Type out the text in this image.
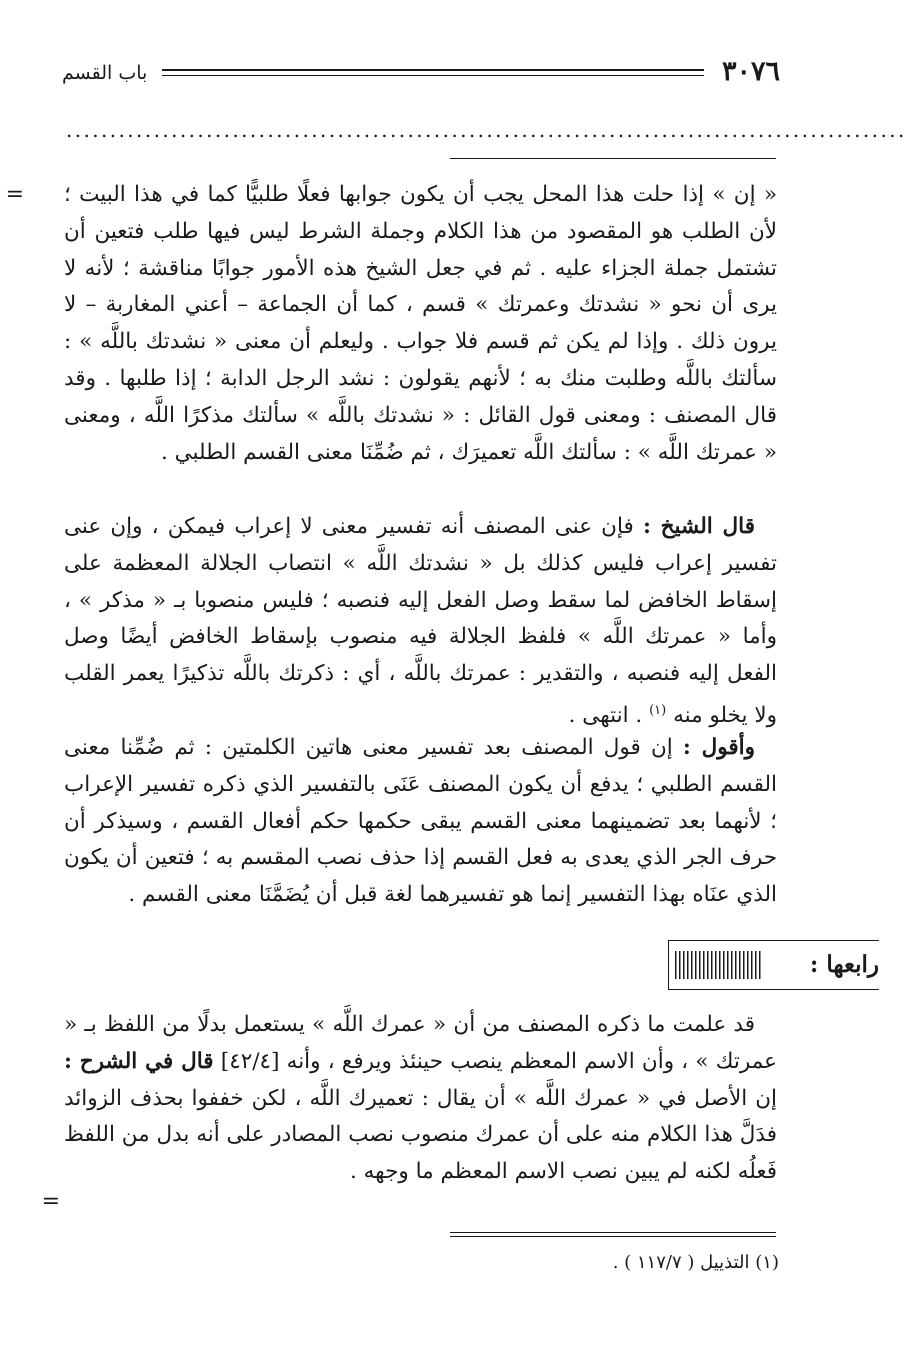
٣٠٧٦
باب القسم
................................................................................................
= « إن » إذا حلت هذا المحل يجب أن يكون جوابها فعلًا طلبيًّا كما في هذا البيت ؛ لأن الطلب هو المقصود من هذا الكلام وجملة الشرط ليس فيها طلب فتعين أن تشتمل جملة الجزاء عليه . ثم في جعل الشيخ هذه الأمور جوابًا مناقشة ؛ لأنه لا يرى أن نحو « نشدتك وعمرتك » قسم ، كما أن الجماعة – أعني المغاربة – لا يرون ذلك . وإذا لم يكن ثم قسم فلا جواب . وليعلم أن معنى « نشدتك باللَّه » : سألتك باللَّه وطلبت منك به ؛ لأنهم يقولون : نشد الرجل الدابة ؛ إذا طلبها . وقد قال المصنف : ومعنى قول القائل : « نشدتك باللَّه » سألتك مذكرًا اللَّه ، ومعنى « عمرتك اللَّه » : سألتك اللَّه تعميرَك ، ثم ضُمِّنَا معنى القسم الطلبي .

قال الشيخ : فإن عنى المصنف أنه تفسير معنى لا إعراب فيمكن ، وإن عنى تفسير إعراب فليس كذلك بل « نشدتك اللَّه » انتصاب الجلالة المعظمة على إسقاط الخافض لما سقط وصل الفعل إليه فنصبه ؛ فليس منصوبا بـ « مذكر » ، وأما « عمرتك اللَّه » فلفظ الجلالة فيه منصوب بإسقاط الخافض أيضًا وصل الفعل إليه فنصبه ، والتقدير : عمرتك باللَّه ، أي : ذكرتك باللَّه تذكيرًا يعمر القلب ولا يخلو منه $^{(١)}$ . انتهى .

وأقول : إن قول المصنف بعد تفسير معنى هاتين الكلمتين : ثم ضُمِّنا معنى القسم الطلبي ؛ يدفع أن يكون المصنف عَنَى بالتفسير الذي ذكره تفسير الإعراب ؛ لأنهما بعد تضمينهما معنى القسم يبقى حكمها حكم أفعال القسم ، وسيذكر أن حرف الجر الذي يعدى به فعل القسم إذا حذف نصب المقسم به ؛ فتعين أن يكون الذي عنَاه بهذا التفسير إنما هو تفسيرهما لغة قبل أن يُضَمَّنَا معنى القسم .

رابعها :

قد علمت ما ذكره المصنف من أن « عمرك اللَّه » يستعمل بدلًا من اللفظ بـ « عمرتك » ، وأن الاسم المعظم ينصب حينئذ ويرفع ، وأنه [٤٢/٤] قال في الشرح : إن الأصل في « عمرك اللَّه » أن يقال : تعميرك اللَّه ، لكن خففوا بحذف الزوائد فدَلَّ هذا الكلام منه على أن عمرك منصوب نصب المصادر على أنه بدل من اللفظ فَعلُه لكنه لم يبين نصب الاسم المعظم ما وجهه .

=
(١) التذييل ( ١١٧/٧ ) .
